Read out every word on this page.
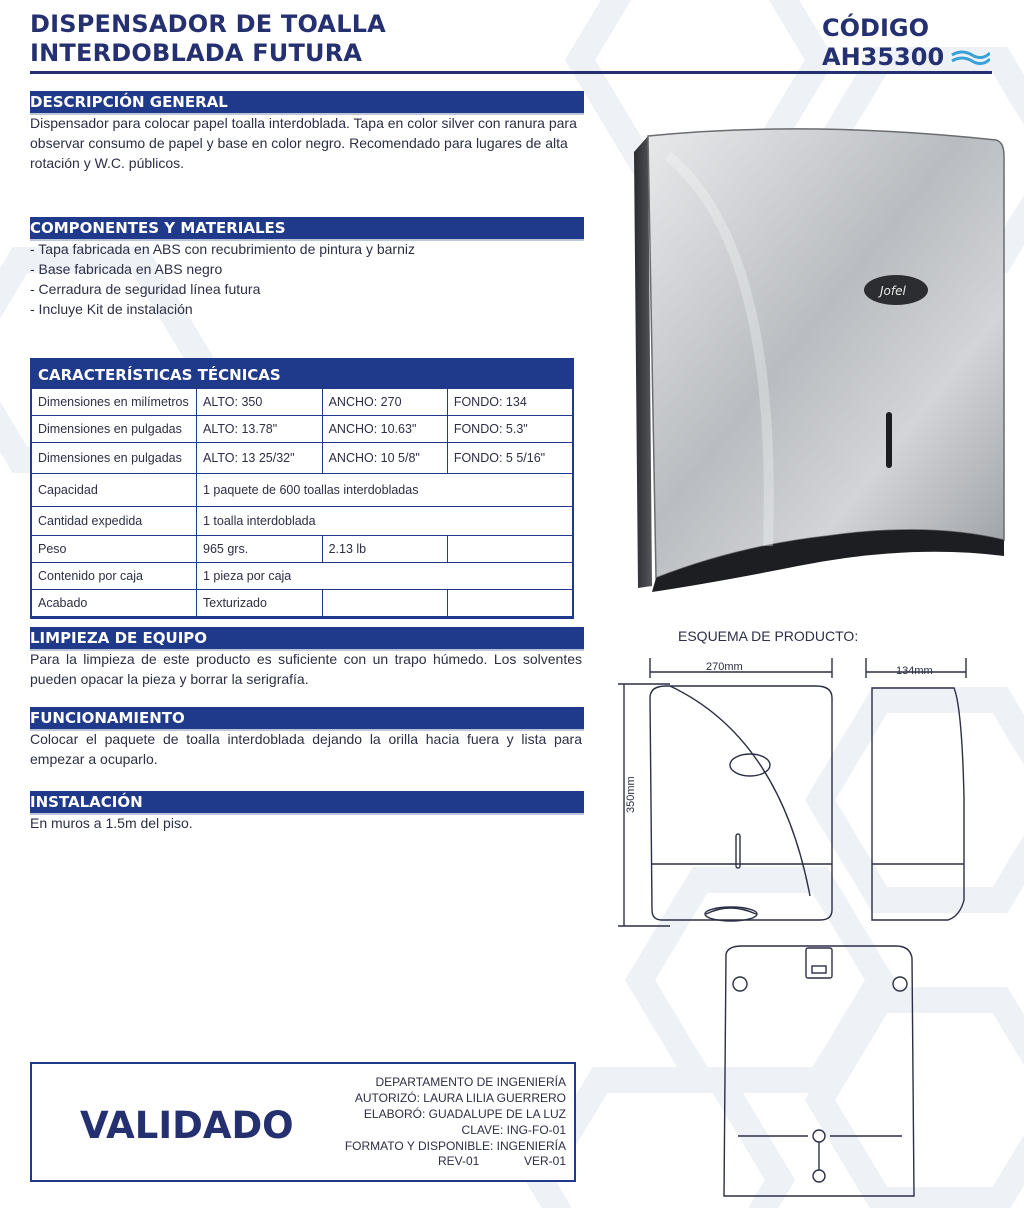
DISPENSADOR DE TOALLA
INTERDOBLADA FUTURA
CÓDIGO
AH35300
DESCRIPCIÓN GENERAL
Dispensador para colocar papel toalla interdoblada. Tapa en color silver con ranura para observar consumo de papel y base en color negro. Recomendado para lugares de alta rotación y W.C. públicos.
COMPONENTES Y MATERIALES
- Tapa fabricada en ABS con recubrimiento de pintura y barniz
- Base fabricada en ABS negro
- Cerradura de seguridad línea futura
- Incluye Kit de instalación
CARACTERÍSTICAS TÉCNICAS
Dimensiones en milímetros	ALTO: 350	ANCHO: 270	FONDO: 134
Dimensiones en pulgadas	ALTO: 13.78"	ANCHO: 10.63"	FONDO: 5.3"
Dimensiones en pulgadas	ALTO: 13 25/32"	ANCHO: 10 5/8"	FONDO: 5 5/16"
Capacidad	1 paquete de 600 toallas interdobladas		
Cantidad expedida	1 toalla interdoblada		
Peso	965 grs.	2.13 lb	
Contenido por caja	1 pieza por caja		
Acabado	Texturizado		
LIMPIEZA DE EQUIPO
Para la limpieza de este producto es suficiente con un trapo húmedo. Los solventes pueden opacar la pieza y borrar la serigrafía.
FUNCIONAMIENTO
Colocar el paquete de toalla interdoblada dejando la orilla hacia fuera y lista para empezar a ocuparlo.
INSTALACIÓN
En muros a 1.5m del piso.
Jofel
ESQUEMA DE PRODUCTO:
270mm	134mm
350mm
VALIDADO
DEPARTAMENTO DE INGENIERÍA
AUTORIZÓ: LAURA LILIA GUERRERO
ELABORÓ: GUADALUPE DE LA LUZ
CLAVE: ING-FO-01
FORMATO Y DISPONIBLE: INGENIERÍA
REV-01	VER-01
